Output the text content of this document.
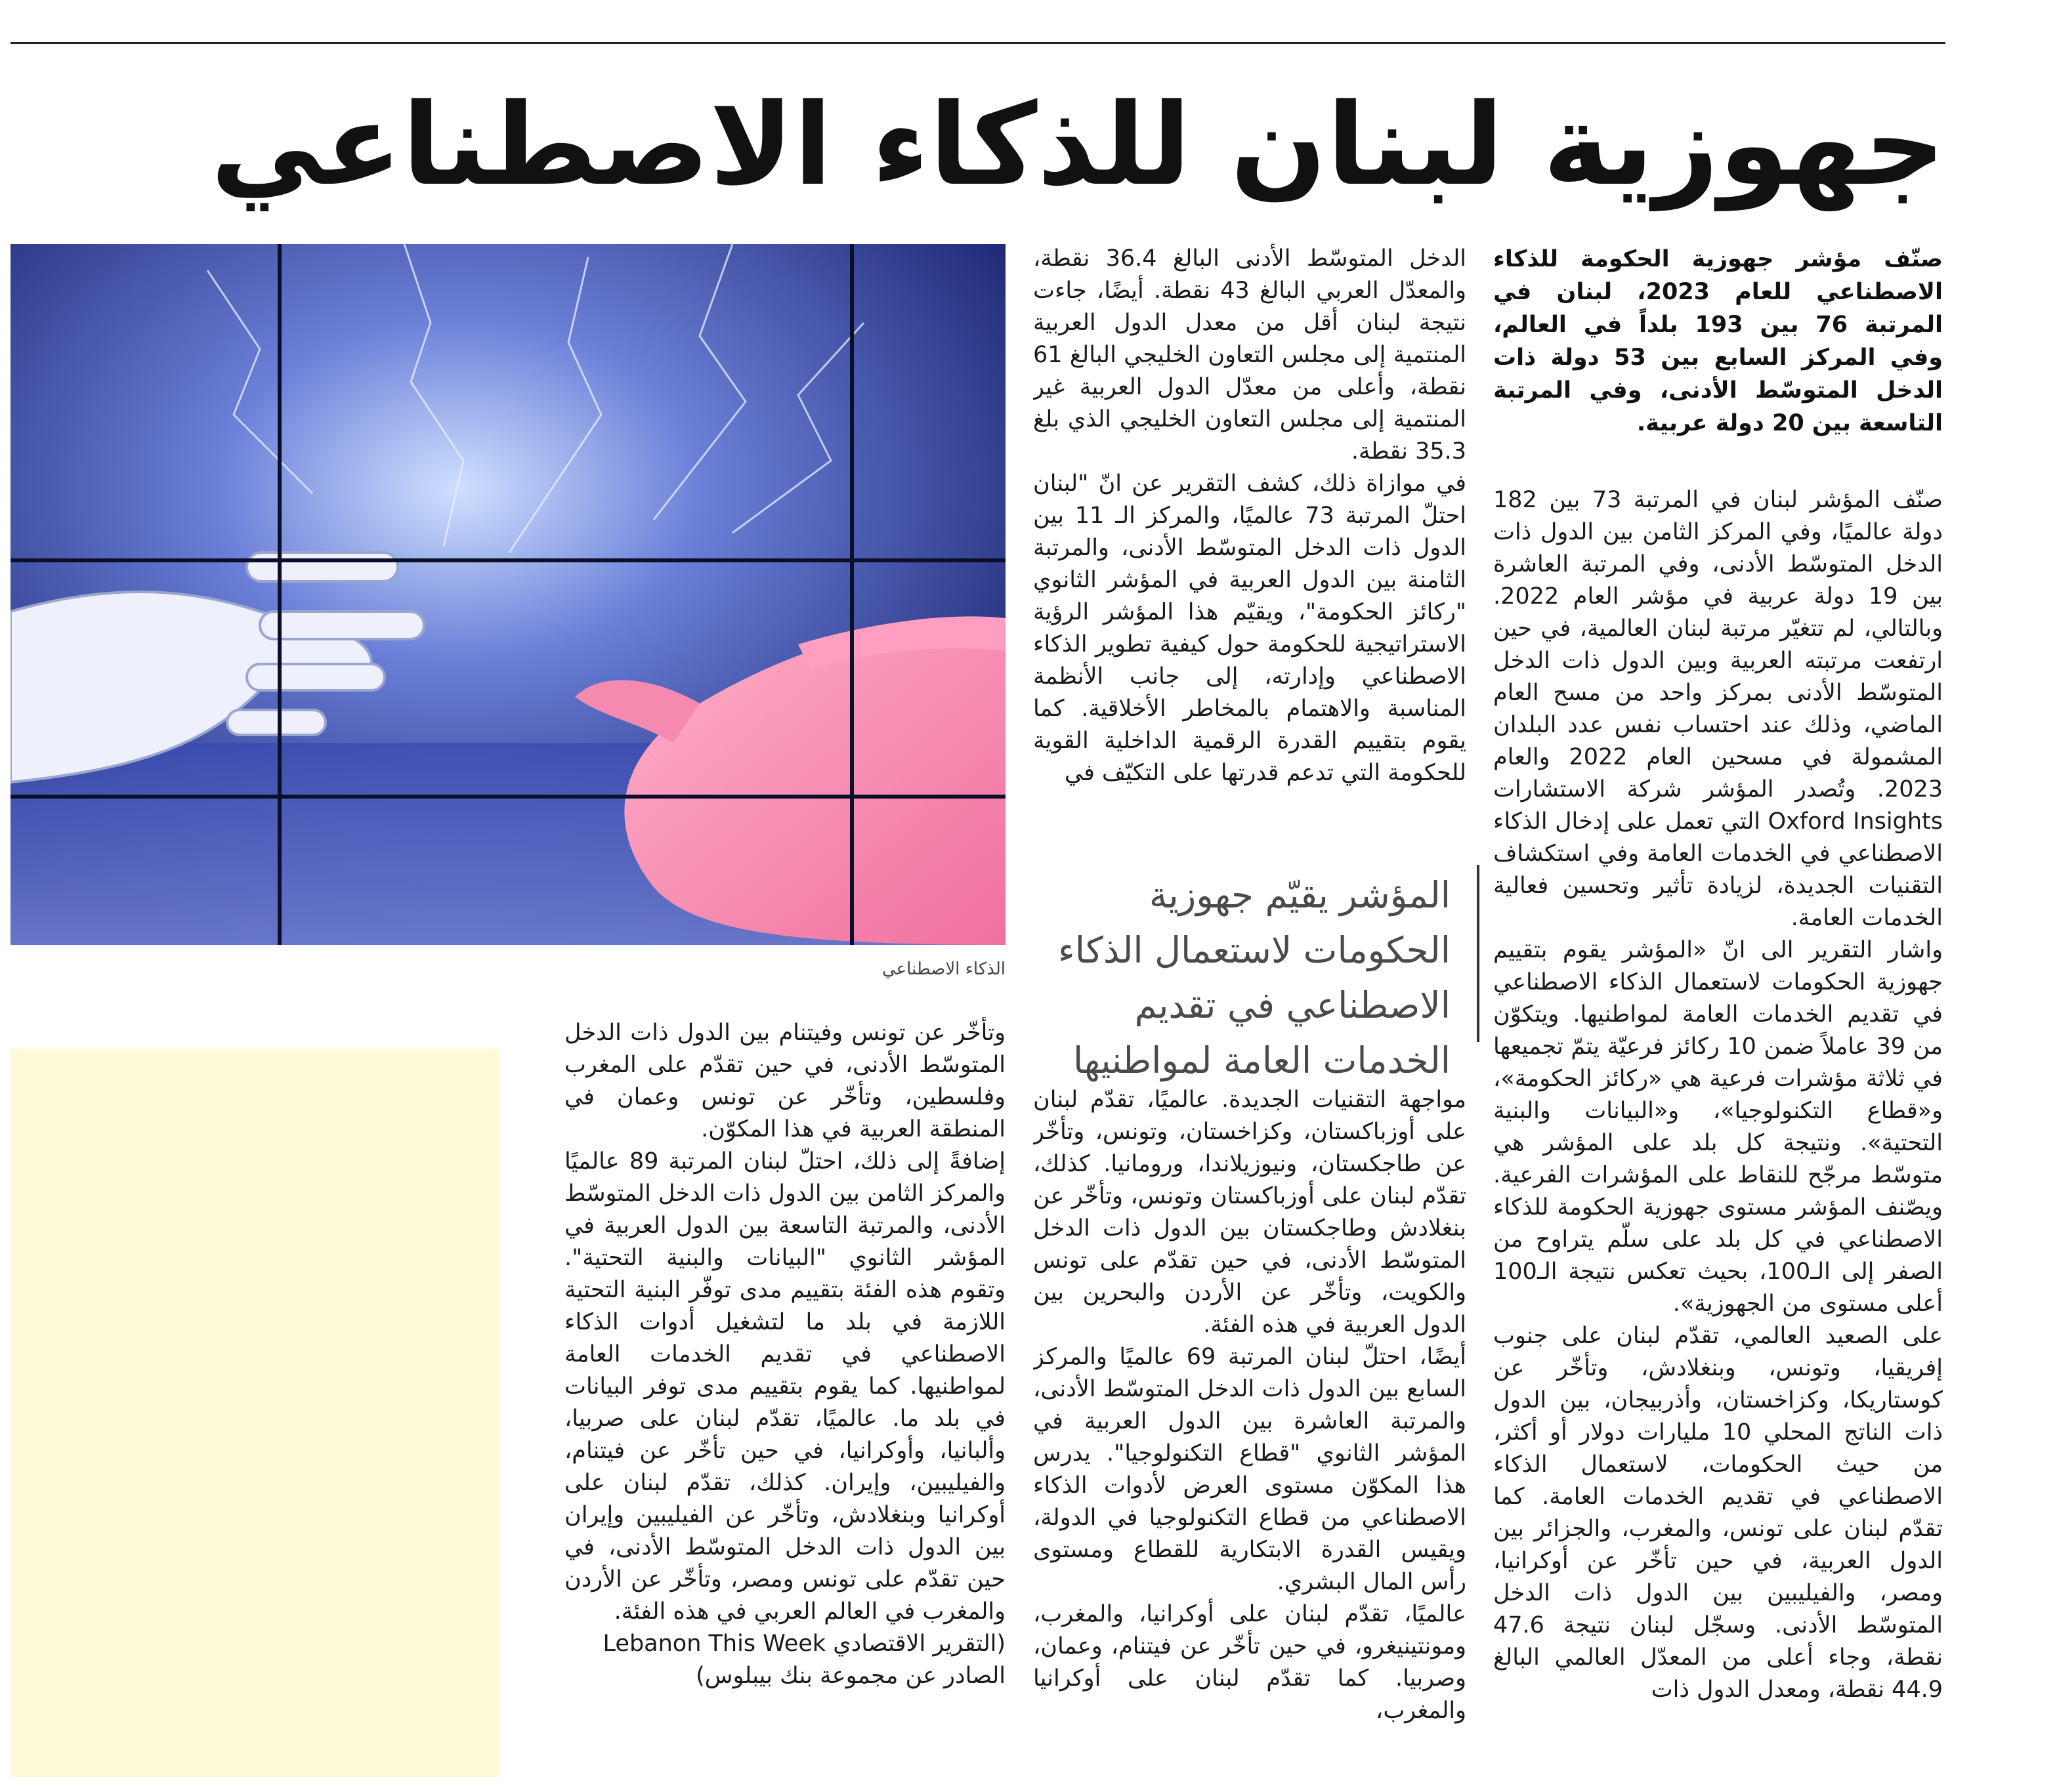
جهوزية لبنان للذكاء الاصطناعي

صنّف مؤشر جهوزية الحكومة للذكاء الاصطناعي للعام 2023، لبنان في المرتبة 76 بين 193 بلداً في العالم، وفي المركز السابع بين 53 دولة ذات الدخل المتوسّط الأدنى، وفي المرتبة التاسعة بين 20 دولة عربية.

صنّف المؤشر لبنان في المرتبة 73 بين 182 دولة عالميًا، وفي المركز الثامن بين الدول ذات الدخل المتوسّط الأدنى، وفي المرتبة العاشرة بين 19 دولة عربية في مؤشر العام 2022. وبالتالي، لم تتغيّر مرتبة لبنان العالمية، في حين ارتفعت مرتبته العربية وبين الدول ذات الدخل المتوسّط الأدنى بمركز واحد من مسح العام الماضي، وذلك عند احتساب نفس عدد البلدان المشمولة في مسحين العام 2022 والعام 2023. وتُصدر المؤشر شركة الاستشارات Oxford Insights التي تعمل على إدخال الذكاء الاصطناعي في الخدمات العامة وفي استكشاف التقنيات الجديدة، لزيادة تأثير وتحسين فعالية الخدمات العامة.

واشار التقرير الى انّ «المؤشر يقوم بتقييم جهوزية الحكومات لاستعمال الذكاء الاصطناعي في تقديم الخدمات العامة لمواطنيها. ويتكوّن من 39 عاملاً ضمن 10 ركائز فرعيّة يتمّ تجميعها في ثلاثة مؤشرات فرعية هي «ركائز الحكومة»، و«قطاع التكنولوجيا»، و«البيانات والبنية التحتية». ونتيجة كل بلد على المؤشر هي متوسّط مرجّح للنقاط على المؤشرات الفرعية. ويصّنف المؤشر مستوى جهوزية الحكومة للذكاء الاصطناعي في كل بلد على سلّم يتراوح من الصفر إلى الـ100، بحيث تعكس نتيجة الـ100 أعلى مستوى من الجهوزية».

على الصعيد العالمي، تقدّم لبنان على جنوب إفريقيا، وتونس، وبنغلادش، وتأخّر عن كوستاريكا، وكزاخستان، وأذربيجان، بين الدول ذات الناتج المحلي 10 مليارات دولار أو أكثر، من حيث الحكومات، لاستعمال الذكاء الاصطناعي في تقديم الخدمات العامة. كما تقدّم لبنان على تونس، والمغرب، والجزائر بين الدول العربية، في حين تأخّر عن أوكرانيا، ومصر، والفيليبين بين الدول ذات الدخل المتوسّط الأدنى. وسجّل لبنان نتيجة 47.6 نقطة، وجاء أعلى من المعدّل العالمي البالغ 44.9 نقطة، ومعدل الدول ذات

الدخل المتوسّط الأدنى البالغ 36.4 نقطة، والمعدّل العربي البالغ 43 نقطة. أيضًا، جاءت نتيجة لبنان أقل من معدل الدول العربية المنتمية إلى مجلس التعاون الخليجي البالغ 61 نقطة، وأعلى من معدّل الدول العربية غير المنتمية إلى مجلس التعاون الخليجي الذي بلغ 35.3 نقطة.

في موازاة ذلك، كشف التقرير عن انّ "لبنان احتلّ المرتبة 73 عالميًا، والمركز الـ 11 بين الدول ذات الدخل المتوسّط الأدنى، والمرتبة الثامنة بين الدول العربية في المؤشر الثانوي "ركائز الحكومة"، ويقيّم هذا المؤشر الرؤية الاستراتيجية للحكومة حول كيفية تطوير الذكاء الاصطناعي وإدارته، إلى جانب الأنظمة المناسبة والاهتمام بالمخاطر الأخلاقية. كما يقوم بتقييم القدرة الرقمية الداخلية القوية للحكومة التي تدعم قدرتها على التكيّف في

المؤشر يقيّم جهوزية الحكومات لاستعمال الذكاء الاصطناعي في تقديم الخدمات العامة لمواطنيها

مواجهة التقنيات الجديدة. عالميًا، تقدّم لبنان على أوزباكستان، وكزاخستان، وتونس، وتأخّر عن طاجكستان، ونيوزيلاندا، ورومانيا. كذلك، تقدّم لبنان على أوزباكستان وتونس، وتأخّر عن بنغلادش وطاجكستان بين الدول ذات الدخل المتوسّط الأدنى، في حين تقدّم على تونس والكويت، وتأخّر عن الأردن والبحرين بين الدول العربية في هذه الفئة.

أيضًا، احتلّ لبنان المرتبة 69 عالميًا والمركز السابع بين الدول ذات الدخل المتوسّط الأدنى، والمرتبة العاشرة بين الدول العربية في المؤشر الثانوي "قطاع التكنولوجيا". يدرس هذا المكوّن مستوى العرض لأدوات الذكاء الاصطناعي من قطاع التكنولوجيا في الدولة، ويقيس القدرة الابتكارية للقطاع ومستوى رأس المال البشري.

عالميًا، تقدّم لبنان على أوكرانيا، والمغرب، ومونتينيغرو، في حين تأخّر عن فيتنام، وعمان، وصربيا. كما تقدّم لبنان على أوكرانيا والمغرب،

الذكاء الاصطناعي

وتأخّر عن تونس وفيتنام بين الدول ذات الدخل المتوسّط الأدنى، في حين تقدّم على المغرب وفلسطين، وتأخّر عن تونس وعمان في المنطقة العربية في هذا المكوّن.

إضافةً إلى ذلك، احتلّ لبنان المرتبة 89 عالميًا والمركز الثامن بين الدول ذات الدخل المتوسّط الأدنى، والمرتبة التاسعة بين الدول العربية في المؤشر الثانوي "البيانات والبنية التحتية". وتقوم هذه الفئة بتقييم مدى توفّر البنية التحتية اللازمة في بلد ما لتشغيل أدوات الذكاء الاصطناعي في تقديم الخدمات العامة لمواطنيها. كما يقوم بتقييم مدى توفر البيانات في بلد ما. عالميًا، تقدّم لبنان على صربيا، وألبانيا، وأوكرانيا، في حين تأخّر عن فيتنام، والفيليبين، وإيران. كذلك، تقدّم لبنان على أوكرانيا وبنغلادش، وتأخّر عن الفيليبين وإيران بين الدول ذات الدخل المتوسّط الأدنى، في حين تقدّم على تونس ومصر، وتأخّر عن الأردن والمغرب في العالم العربي في هذه الفئة.

(التقرير الاقتصادي Lebanon This Week
الصادر عن مجموعة بنك بيبلوس)
